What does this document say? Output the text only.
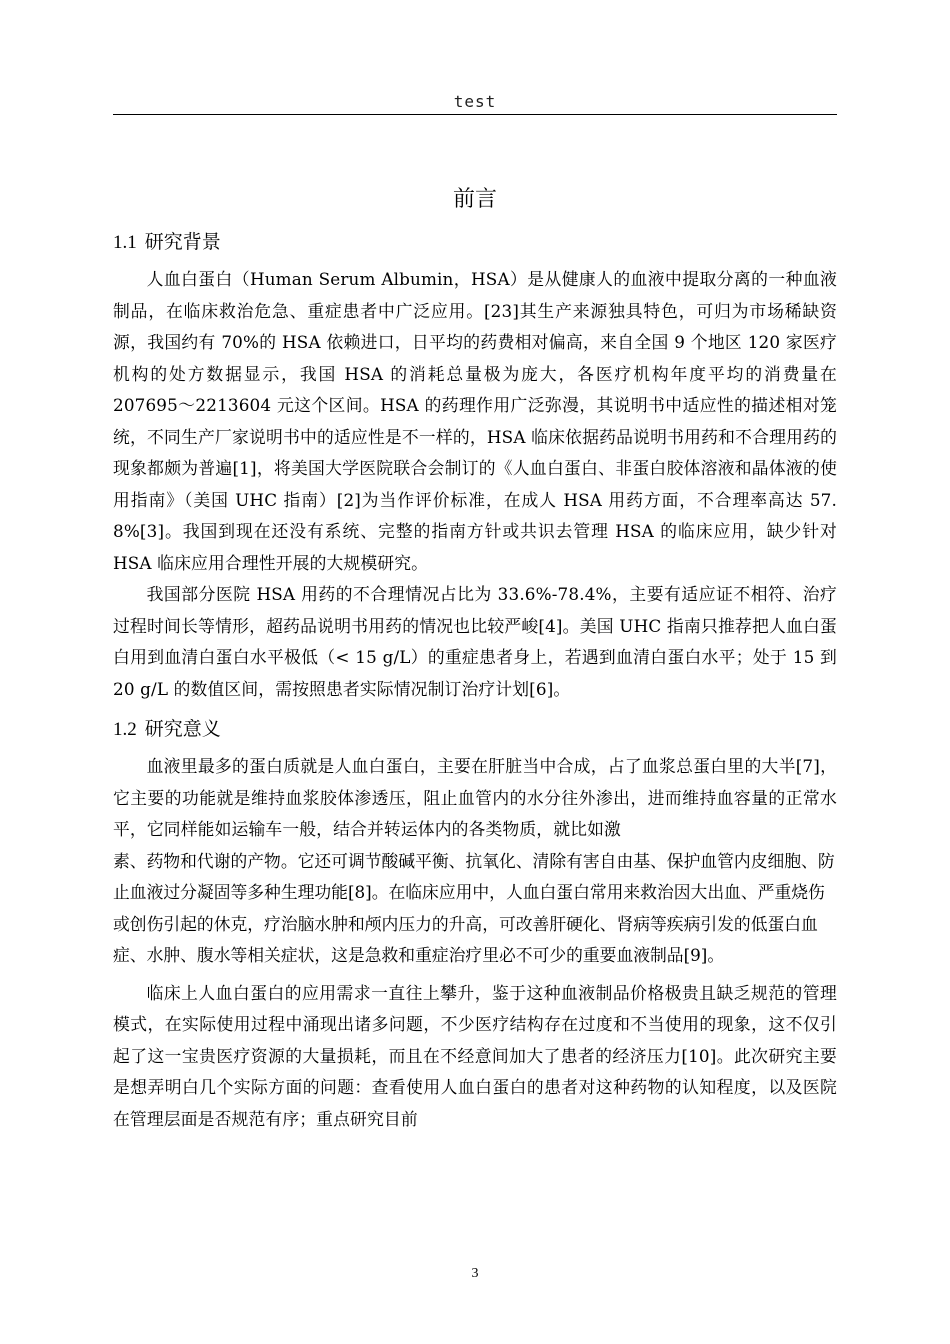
test
前言
1.1 研究背景

人血白蛋白（Human Serum Albumin，HSA）是从健康人的血液中提取分离的一种血液制品，在临床救治危急、重症患者中广泛应用。[23]其生产来源独具特色，可归为市场稀缺资源，我国约有 70%的 HSA 依赖进口，日平均的药费相对偏高，来自全国 9 个地区 120 家医疗机构的处方数据显示，我国 HSA 的消耗总量极为庞大，各医疗机构年度平均的消费量在 207695～2213604 元这个区间。HSA 的药理作用广泛弥漫，其说明书中适应性的描述相对笼统，不同生产厂家说明书中的适应性是不一样的，HSA 临床依据药品说明书用药和不合理用药的现象都颇为普遍[1]，将美国大学医院联合会制订的《人血白蛋白、非蛋白胶体溶液和晶体液的使用指南》（美国 UHC 指南）[2]为当作评价标准，在成人 HSA 用药方面，不合理率高达 57. 8%[3]。我国到现在还没有系统、完整的指南方针或共识去管理 HSA 的临床应用，缺少针对 HSA 临床应用合理性开展的大规模研究。

我国部分医院 HSA 用药的不合理情况占比为 33.6%-78.4%，主要有适应证不相符、治疗过程时间长等情形，超药品说明书用药的情况也比较严峻[4]。美国 UHC 指南只推荐把人血白蛋白用到血清白蛋白水平极低（< 15 g/L）的重症患者身上，若遇到血清白蛋白水平；处于 15 到 20 g/L 的数值区间，需按照患者实际情况制订治疗计划[6]。

1.2 研究意义

血液里最多的蛋白质就是人血白蛋白，主要在肝脏当中合成，占了血浆总蛋白里的大半[7]，它主要的功能就是维持血浆胶体渗透压，阻止血管内的水分往外渗出，进而维持血容量的正常水平，它同样能如运输车一般，结合并转运体内的各类物质，就比如激

素、药物和代谢的产物。它还可调节酸碱平衡、抗氧化、清除有害自由基、保护血管内皮细胞、防止血液过分凝固等多种生理功能[8]。在临床应用中，人血白蛋白常用来救治因大出血、严重烧伤或创伤引起的休克，疗治脑水肿和颅内压力的升高，可改善肝硬化、肾病等疾病引发的低蛋白血症、水肿、腹水等相关症状，这是急救和重症治疗里必不可少的重要血液制品[9]。

临床上人血白蛋白的应用需求一直往上攀升，鉴于这种血液制品价格极贵且缺乏规范的管理模式，在实际使用过程中涌现出诸多问题，不少医疗结构存在过度和不当使用的现象，这不仅引起了这一宝贵医疗资源的大量损耗，而且在不经意间加大了患者的经济压力[10]。此次研究主要是想弄明白几个实际方面的问题：查看使用人血白蛋白的患者对这种药物的认知程度，以及医院在管理层面是否规范有序；重点研究目前

3
